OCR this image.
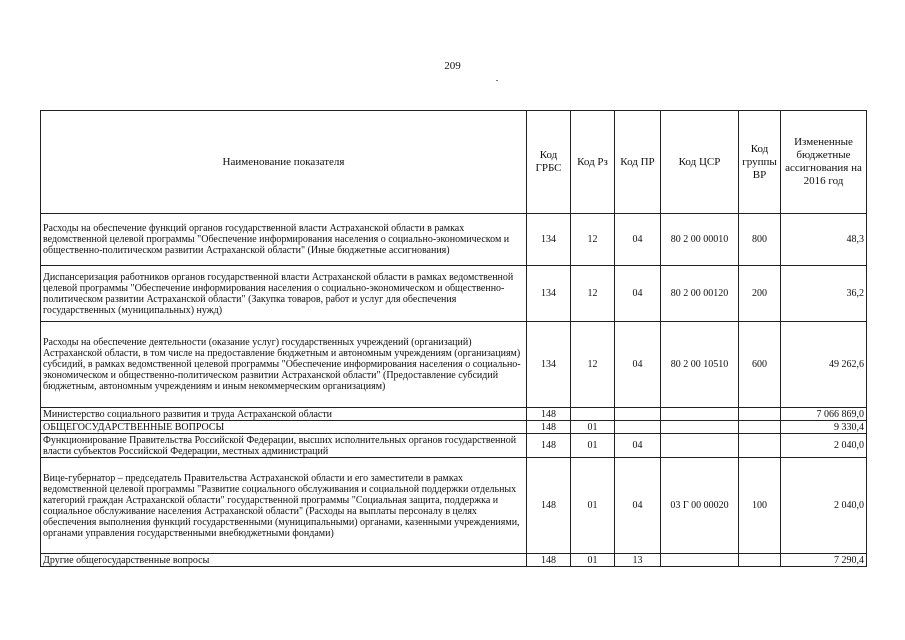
209
Наименование показателя	Код ГРБС	Код Рз	Код ПР	Код ЦСР	Код группы ВР	Измененные бюджетные ассигнования на 2016 год
Расходы на обеспечение функций органов государственной власти Астраханской области в рамках ведомственной целевой программы "Обеспечение информирования населения о социально-экономическом и общественно-политическом развитии Астраханской области" (Иные бюджетные ассигнования)	134	12	04	80 2 00 00010	800	48,3
Диспансеризация работников органов государственной власти Астраханской области в рамках ведомственной целевой программы "Обеспечение информирования населения о социально-экономическом и общественно-политическом развитии Астраханской области" (Закупка товаров, работ и услуг для обеспечения государственных (муниципальных) нужд)	134	12	04	80 2 00 00120	200	36,2
Расходы на обеспечение деятельности (оказание услуг) государственных учреждений (организаций) Астраханской области, в том числе на предоставление бюджетным и автономным учреждениям (организациям) субсидий, в рамках ведомственной целевой программы "Обеспечение информирования населения о социально-экономическом и общественно-политическом развитии Астраханской области" (Предоставление субсидий бюджетным, автономным учреждениям и иным некоммерческим организациям)	134	12	04	80 2 00 10510	600	49 262,6
Министерство социального развития и труда Астраханской области	148					7 066 869,0
ОБЩЕГОСУДАРСТВЕННЫЕ ВОПРОСЫ	148	01				9 330,4
Функционирование Правительства Российской Федерации, высших исполнительных органов государственной власти субъектов Российской Федерации, местных администраций	148	01	04			2 040,0
Вице-губернатор – председатель Правительства Астраханской области и его заместители в рамках ведомственной целевой программы "Развитие социального обслуживания и социальной поддержки отдельных категорий граждан Астраханской области" государственной программы "Социальная защита, поддержка и социальное обслуживание населения Астраханской области" (Расходы на выплаты персоналу в целях обеспечения выполнения функций государственными (муниципальными) органами, казенными учреждениями, органами управления государственными внебюджетными фондами)	148	01	04	03 Г 00 00020	100	2 040,0
Другие общегосударственные вопросы	148	01	13			7 290,4
